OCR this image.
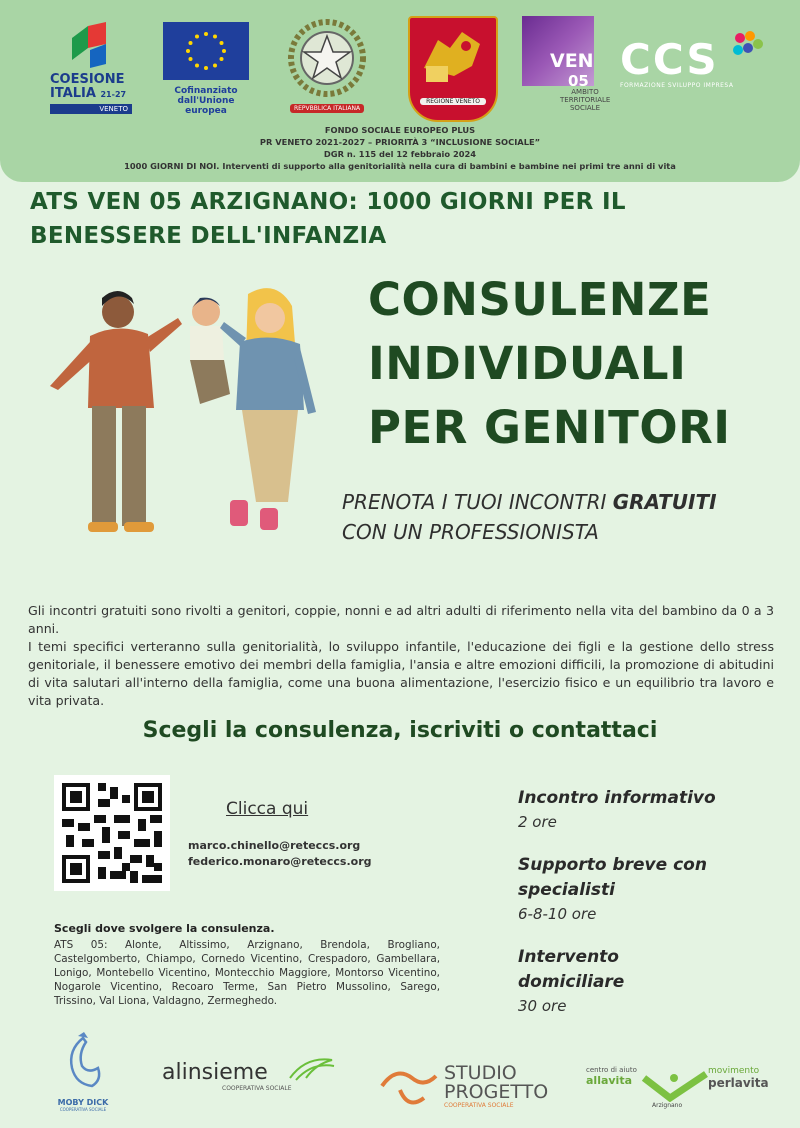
COESIONE
ITALIA 21-27
VENETO
Cofinanziato
dall'Unione europea	REPVBBLICA ITALIANA
REGIONE VENETO
VEN
05
AMBITO
TERRITORIALE
SOCIALE
CCS
FORMAZIONE SVILUPPO IMPRESA
FONDO SOCIALE EUROPEO PLUS
PR VENETO 2021-2027 – PRIORITÀ 3 “INCLUSIONE SOCIALE”
DGR n. 115 del 12 febbraio 2024
1000 GIORNI DI NOI. Interventi di supporto alla genitorialità nella cura di bambini e bambine nei primi tre anni di vita
ATS VEN 05 ARZIGNANO: 1000 GIORNI PER IL
BENESSERE DELL'INFANZIA
CONSULENZE
INDIVIDUALI
PER GENITORI
PRENOTA I TUOI INCONTRI GRATUITI
CON UN PROFESSIONISTA
Gli incontri gratuiti sono rivolti a genitori, coppie, nonni e ad altri adulti di riferimento nella vita del bambino da 0 a 3 anni.
I temi specifici verteranno sulla genitorialità, lo sviluppo infantile, l'educazione dei figli e la gestione dello stress genitoriale, il benessere emotivo dei membri della famiglia, l'ansia e altre emozioni difficili, la promozione di abitudini di vita salutari all'interno della famiglia, come una buona alimentazione, l'esercizio fisico e un equilibrio tra lavoro e vita privata.
Scegli la consulenza, iscriviti o contattaci
Clicca qui
marco.chinello@reteccs.org
federico.monaro@reteccs.org
Scegli dove svolgere la consulenza.
ATS 05: Alonte, Altissimo, Arzignano, Brendola, Brogliano, Castelgomberto, Chiampo, Cornedo Vicentino, Crespadoro, Gambellara, Lonigo, Montebello Vicentino, Montecchio Maggiore, Montorso Vicentino, Nogarole Vicentino, Recoaro Terme, San Pietro Mussolino, Sarego, Trissino, Val Liona, Valdagno, Zermeghedo.
Incontro informativo
2 ore
Supporto breve con specialisti
6-8-10 ore
Intervento domiciliare
30 ore
MOBY DICK
COOPERATIVA SOCIALE
alinsieme
COOPERATIVA SOCIALE
STUDIO
PROGETTO
COOPERATIVA SOCIALE
centro di aiuto
allavita
Arzignano
movimento
perlavita
